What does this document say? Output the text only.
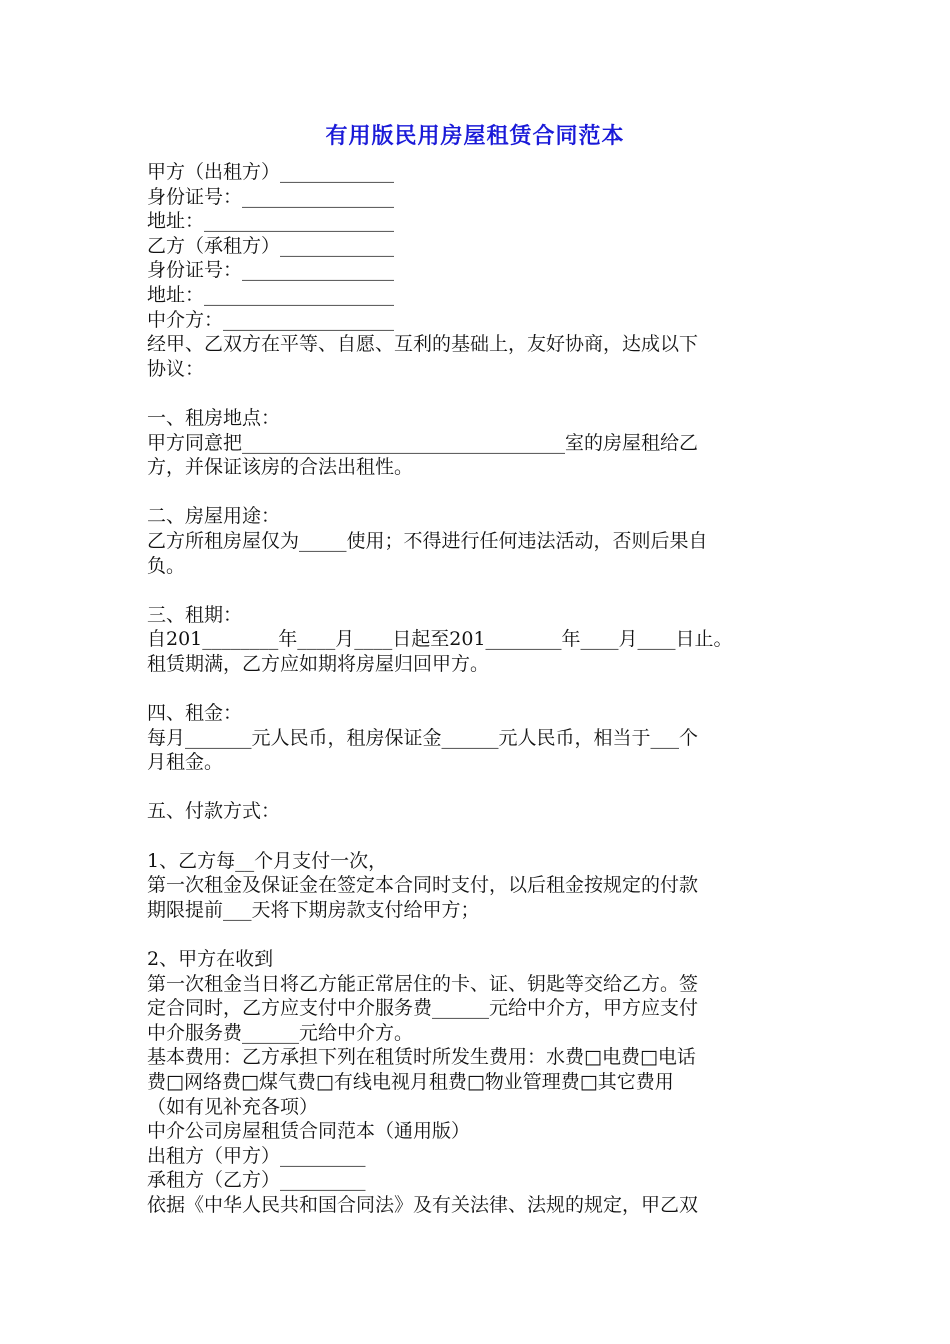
有用版民用房屋租赁合同范本
甲方（出租方）____________
身份证号：________________
地址：____________________
乙方（承租方）____________
身份证号：________________
地址：____________________
中介方：__________________
经甲、乙双方在平等、自愿、互利的基础上，友好协商，达成以下
协议：
一、租房地点：
甲方同意把__________________________________室的房屋租给乙
方，并保证该房的合法出租性。
二、房屋用途：
乙方所租房屋仅为_____使用；不得进行任何违法活动，否则后果自
负。
三、租期：
自201________年____月____日起至201________年____月____日止。
租赁期满，乙方应如期将房屋归回甲方。
四、租金：
每月_______元人民币，租房保证金______元人民币，相当于___个
月租金。
五、付款方式：
1、乙方每__个月支付一次，
第一次租金及保证金在签定本合同时支付，以后租金按规定的付款
期限提前___天将下期房款支付给甲方；
2、甲方在收到
第一次租金当日将乙方能正常居住的卡、证、钥匙等交给乙方。签
定合同时，乙方应支付中介服务费______元给中介方，甲方应支付
中介服务费______元给中介方。
基本费用：乙方承担下列在租赁时所发生费用：水费□电费□电话
费□网络费□煤气费□有线电视月租费□物业管理费□其它费用
（如有见补充各项）
中介公司房屋租赁合同范本（通用版）
出租方（甲方）_________
承租方（乙方）_________
依据《中华人民共和国合同法》及有关法律、法规的规定，甲乙双
